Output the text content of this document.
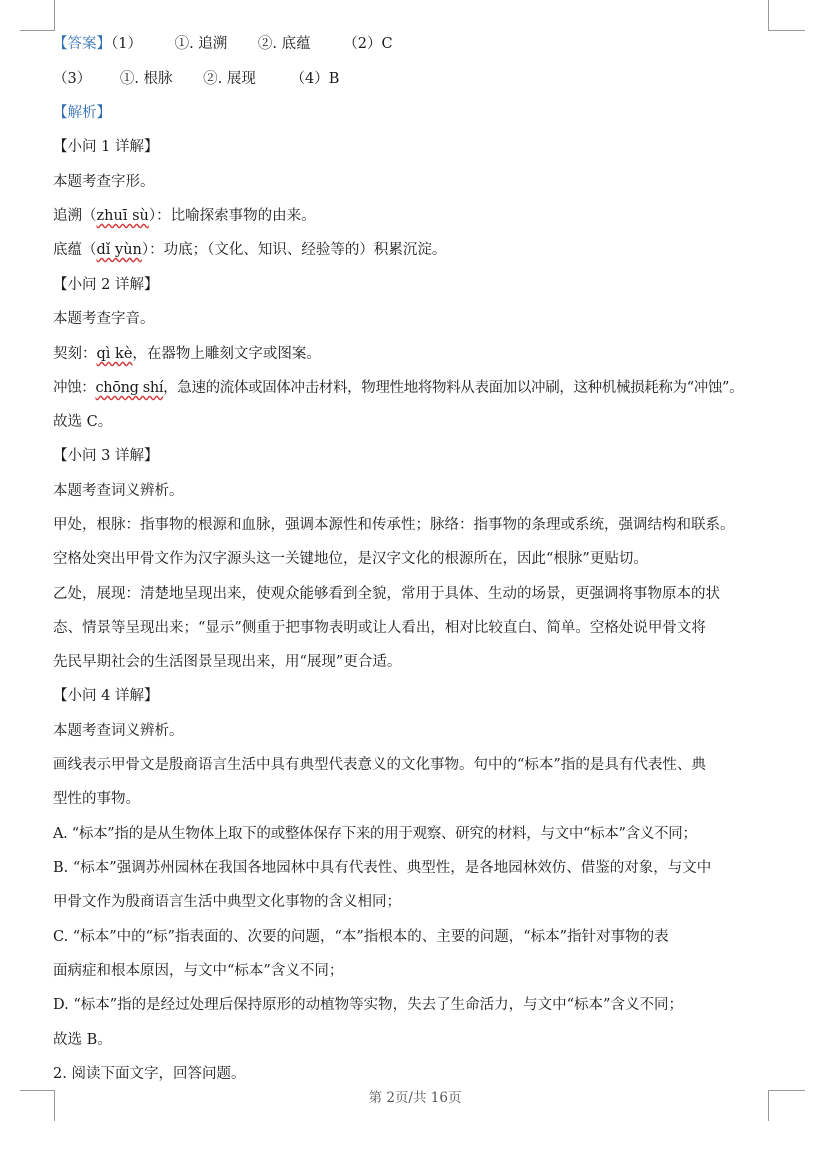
【答案】（1） ①. 追溯 ②. 底蕴 （2）C
（3） ①. 根脉 ②. 展现 （4）B
【解析】
【小问 1 详解】
本题考查字形。
追溯（zhuī sù）：比喻探索事物的由来。
底蕴（dǐ yùn）：功底；（文化、知识、经验等的）积累沉淀。
【小问 2 详解】
本题考查字音。
契刻：qì kè，在器物上雕刻文字或图案。
冲蚀：chōng shí，急速的流体或固体冲击材料，物理性地将物料从表面加以冲刷，这种机械损耗称为“冲蚀”。
故选 C。
【小问 3 详解】
本题考查词义辨析。
甲处，根脉：指事物的根源和血脉，强调本源性和传承性；脉络：指事物的条理或系统，强调结构和联系。
空格处突出甲骨文作为汉字源头这一关键地位，是汉字文化的根源所在，因此“根脉”更贴切。
乙处，展现：清楚地呈现出来，使观众能够看到全貌，常用于具体、生动的场景，更强调将事物原本的状
态、情景等呈现出来；“显示”侧重于把事物表明或让人看出，相对比较直白、简单。空格处说甲骨文将
先民早期社会的生活图景呈现出来，用“展现”更合适。
【小问 4 详解】
本题考查词义辨析。
画线表示甲骨文是殷商语言生活中具有典型代表意义的文化事物。句中的“标本”指的是具有代表性、典
型性的事物。
A. “标本”指的是从生物体上取下的或整体保存下来的用于观察、研究的材料，与文中“标本”含义不同；
B. “标本”强调苏州园林在我国各地园林中具有代表性、典型性，是各地园林效仿、借鉴的对象，与文中
甲骨文作为殷商语言生活中典型文化事物的含义相同；
C. “标本”中的“标”指表面的、次要的问题，“本”指根本的、主要的问题，“标本”指针对事物的表
面病症和根本原因，与文中“标本”含义不同；
D. “标本”指的是经过处理后保持原形的动植物等实物，失去了生命活力，与文中“标本”含义不同；
故选 B。
2. 阅读下面文字，回答问题。
第 2页/共 16页
